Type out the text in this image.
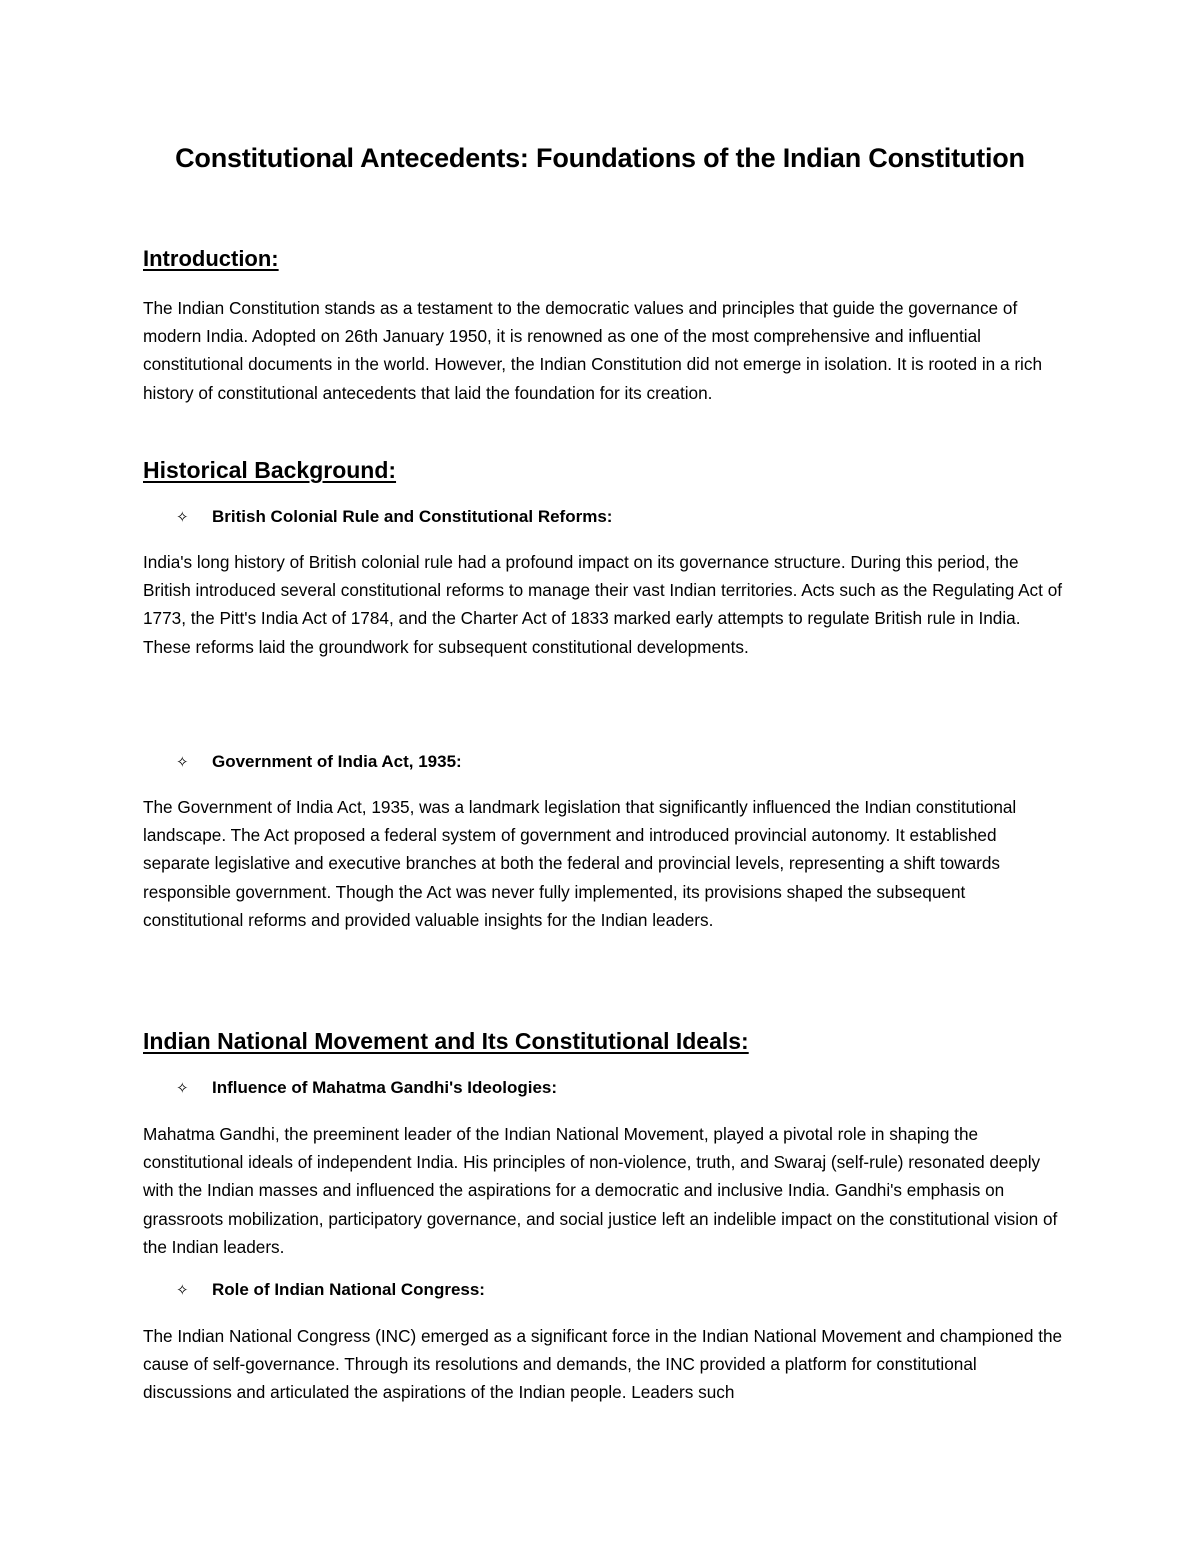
Constitutional Antecedents: Foundations of the Indian Constitution
Introduction:

The Indian Constitution stands as a testament to the democratic values and principles that guide the governance of modern India. Adopted on 26th January 1950, it is renowned as one of the most comprehensive and influential constitutional documents in the world. However, the Indian Constitution did not emerge in isolation. It is rooted in a rich history of constitutional antecedents that laid the foundation for its creation.

Historical Background:
✧	British Colonial Rule and Constitutional Reforms:

India's long history of British colonial rule had a profound impact on its governance structure. During this period, the British introduced several constitutional reforms to manage their vast Indian territories. Acts such as the Regulating Act of 1773, the Pitt's India Act of 1784, and the Charter Act of 1833 marked early attempts to regulate British rule in India. These reforms laid the groundwork for subsequent constitutional developments.

✧	Government of India Act, 1935:

The Government of India Act, 1935, was a landmark legislation that significantly influenced the Indian constitutional landscape. The Act proposed a federal system of government and introduced provincial autonomy. It established separate legislative and executive branches at both the federal and provincial levels, representing a shift towards responsible government. Though the Act was never fully implemented, its provisions shaped the subsequent constitutional reforms and provided valuable insights for the Indian leaders.

Indian National Movement and Its Constitutional Ideals:
✧	Influence of Mahatma Gandhi's Ideologies:

Mahatma Gandhi, the preeminent leader of the Indian National Movement, played a pivotal role in shaping the constitutional ideals of independent India. His principles of non-violence, truth, and Swaraj (self-rule) resonated deeply with the Indian masses and influenced the aspirations for a democratic and inclusive India. Gandhi's emphasis on grassroots mobilization, participatory governance, and social justice left an indelible impact on the constitutional vision of the Indian leaders.

✧	Role of Indian National Congress:

The Indian National Congress (INC) emerged as a significant force in the Indian National Movement and championed the cause of self-governance. Through its resolutions and demands, the INC provided a platform for constitutional discussions and articulated the aspirations of the Indian people. Leaders such
